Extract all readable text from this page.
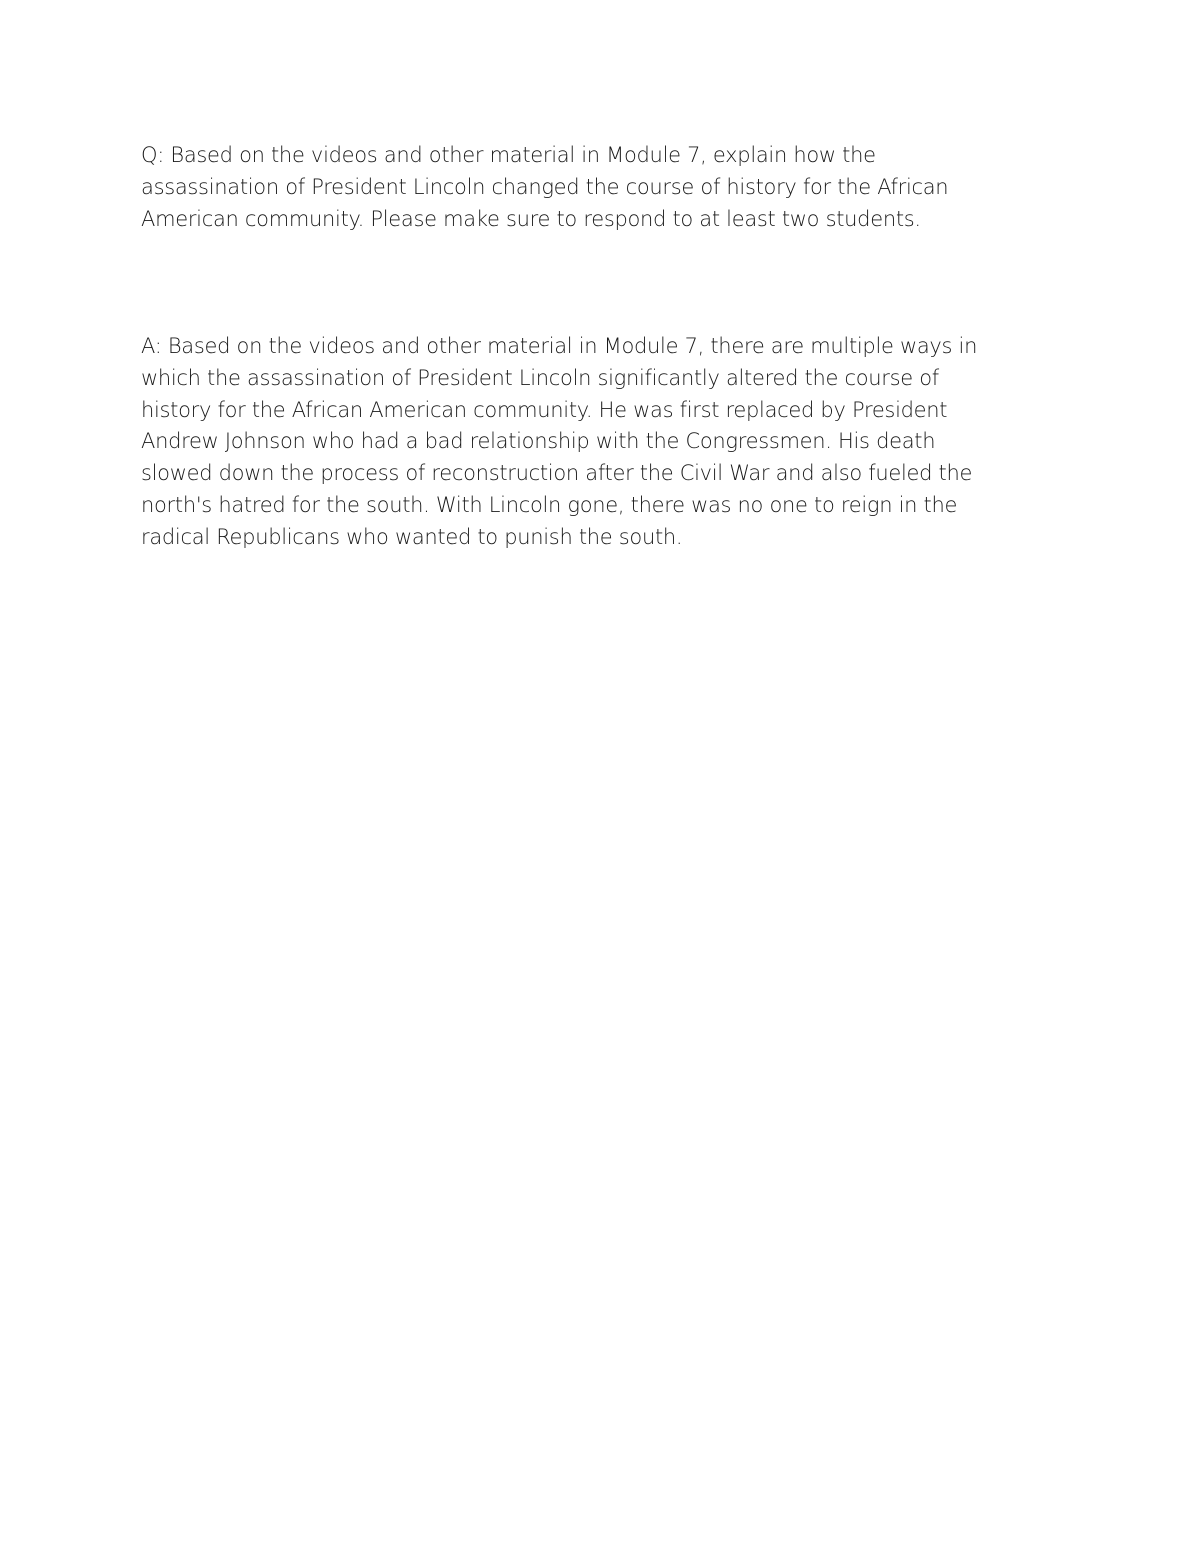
Q: Based on the videos and other material in Module 7, explain how the
assassination of President Lincoln changed the course of history for the African
American community. Please make sure to respond to at least two students.

A: Based on the videos and other material in Module 7, there are multiple ways in
which the assassination of President Lincoln significantly altered the course of
history for the African American community. He was first replaced by President
Andrew Johnson who had a bad relationship with the Congressmen. His death
slowed down the process of reconstruction after the Civil War and also fueled the
north's hatred for the south. With Lincoln gone, there was no one to reign in the
radical Republicans who wanted to punish the south.
